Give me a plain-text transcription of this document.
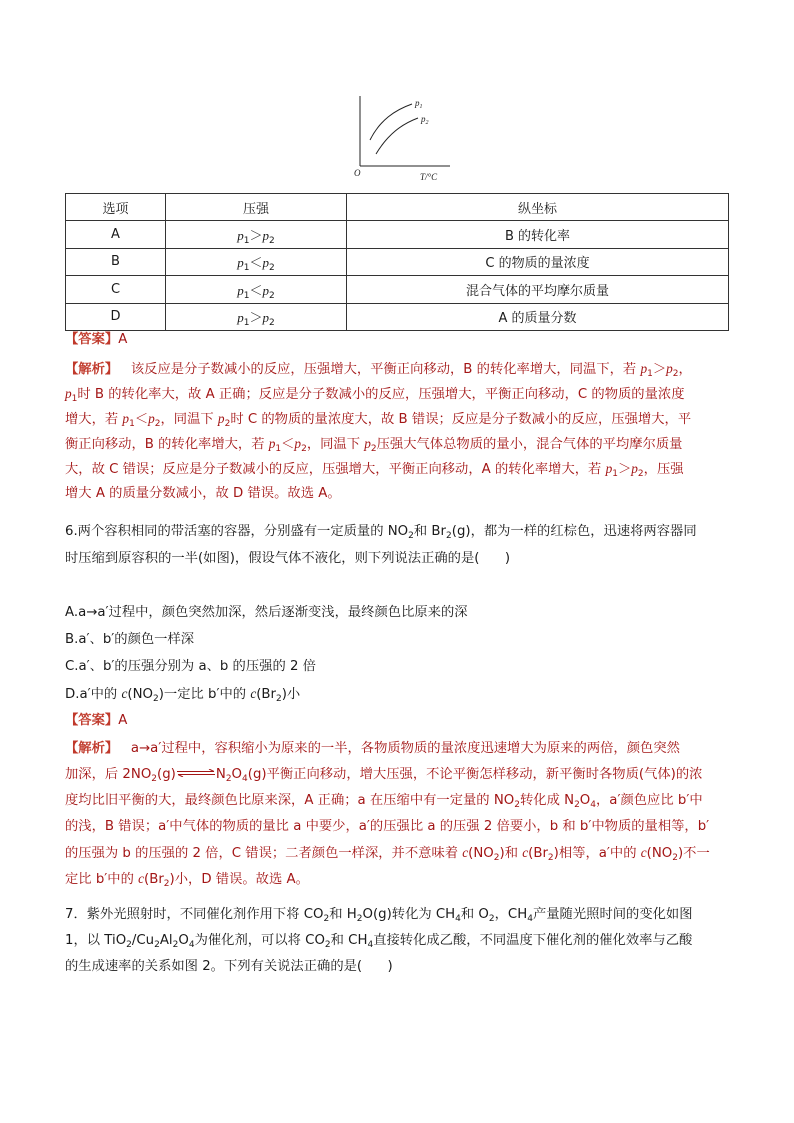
$p_1$
$p_2$
O	T/°C
选项	压强	纵坐标
A	$p_1>p_2$	B 的转化率
B	$p_1<p_2$	C 的物质的量浓度
C	$p_1<p_2$	混合气体的平均摩尔质量
D	$p_1>p_2$	A 的质量分数
【答案】A
【解析】 该反应是分子数减小的反应，压强增大，平衡正向移动，B 的转化率增大，同温下，若 $p_1>p_2$，
$p_1$时 B 的转化率大，故 A 正确；反应是分子数减小的反应，压强增大，平衡正向移动，C 的物质的量浓度
增大，若 $p_1<p_2$，同温下 $p_2$时 C 的物质的量浓度大，故 B 错误；反应是分子数减小的反应，压强增大，平
衡正向移动，B 的转化率增大，若 $p_1<p_2$，同温下 $p_2$压强大气体总物质的量小，混合气体的平均摩尔质量
大，故 C 错误；反应是分子数减小的反应，压强增大，平衡正向移动，A 的转化率增大，若 $p_1>p_2$，压强
增大 A 的质量分数减小，故 D 错误。故选 A。
6.两个容积相同的带活塞的容器，分别盛有一定质量的 $NO_2$和 $Br_2(g)$，都为一样的红棕色，迅速将两容器同
时压缩到原容积的一半(如图)，假设气体不液化，则下列说法正确的是(      )
A.a→a′过程中，颜色突然加深，然后逐渐变浅，最终颜色比原来的深
B.a′、b′的颜色一样深
C.a′、b′的压强分别为 a、b 的压强的 2 倍
D.a′中的 $c(NO_2)$一定比 b′中的 $c(Br_2)$小
【答案】A
【解析】 a→a′过程中，容积缩小为原来的一半，各物质物质的量浓度迅速增大为原来的两倍，颜色突然
加深，后 $2NO_2(g)\rightleftharpoons N_2O_4(g)$平衡正向移动，增大压强，不论平衡怎样移动，新平衡时各物质(气体)的浓
度均比旧平衡的大，最终颜色比原来深，A 正确；a 在压缩中有一定量的 $NO_2$转化成 $N_2O_4$，a′颜色应比 b′中
的浅，B 错误；a′中气体的物质的量比 a 中要少，a′的压强比 a 的压强 2 倍要小，b 和 b′中物质的量相等，b′
的压强为 b 的压强的 2 倍，C 错误；二者颜色一样深，并不意味着 $c(NO_2)$和 $c(Br_2)$相等，a′中的 $c(NO_2)$不一
定比 b′中的 $c(Br_2)$小，D 错误。故选 A。
7．紫外光照射时，不同催化剂作用下将 $CO_2$和 $H_2O(g)$转化为 $CH_4$和 $O_2$，$CH_4$产量随光照时间的变化如图
1，以 $TiO_2/Cu_2Al_2O_4$为催化剂，可以将 $CO_2$和 $CH_4$直接转化成乙酸，不同温度下催化剂的催化效率与乙酸
的生成速率的关系如图 2。下列有关说法正确的是(      )
